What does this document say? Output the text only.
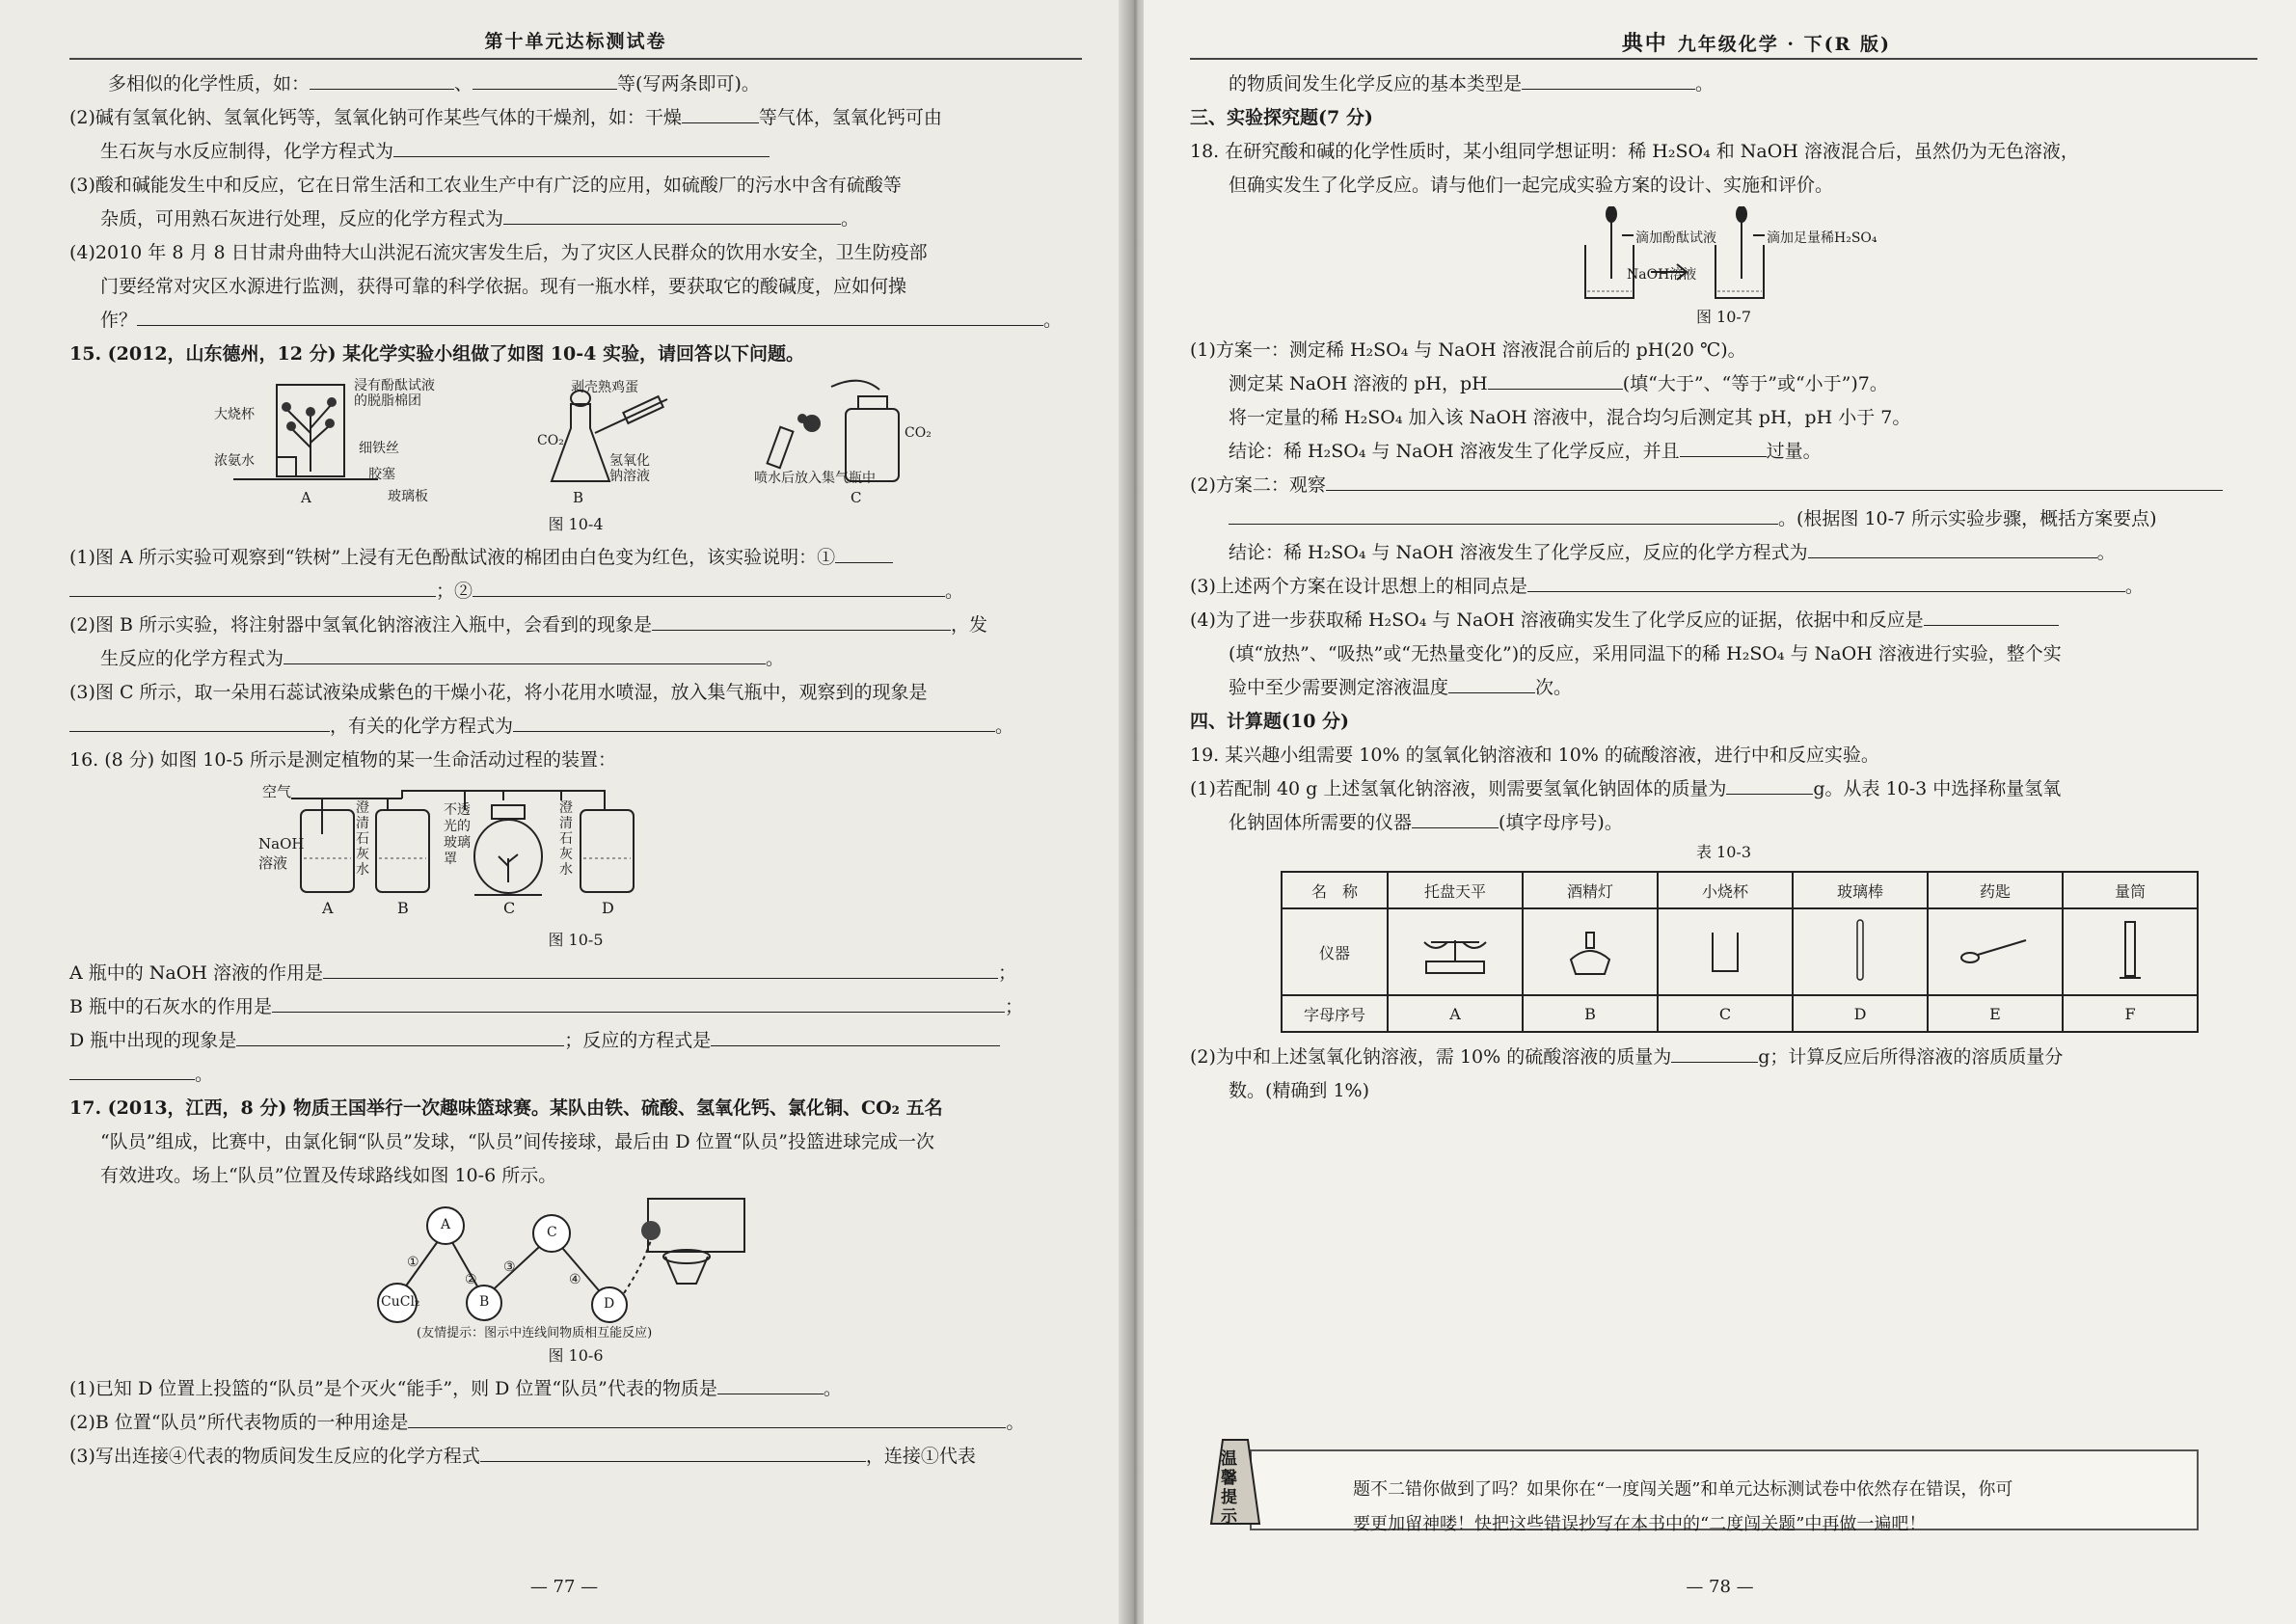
第十单元达标测试卷

多相似的化学性质，如：	、	等(写两条即可)。

(2)碱有氢氧化钠、氢氧化钙等，氢氧化钠可作某些气体的干燥剂，如：干燥	等气体，氢氧化钙可由

生石灰与水反应制得，化学方程式为

(3)酸和碱能发生中和反应，它在日常生活和工农业生产中有广泛的应用，如硫酸厂的污水中含有硫酸等

杂质，可用熟石灰进行处理，反应的化学方程式为	。

(4)2010 年 8 月 8 日甘肃舟曲特大山洪泥石流灾害发生后，为了灾区人民群众的饮用水安全，卫生防疫部

门要经常对灾区水源进行监测，获得可靠的科学依据。现有一瓶水样，要获取它的酸碱度，应如何操

作？	。

15. (2012，山东德州，12 分) 某化学实验小组做了如图 10-4 实验，请回答以下问题。

大烧杯
浸有酚酞试液
的脱脂棉团
细铁丝
浓氨水
胶塞
玻璃板
A
剥壳熟鸡蛋
CO₂
氢氧化
钠溶液
B
CO₂
喷水后放入集气瓶中
C
图 10-4

(1)图 A 所示实验可观察到“铁树”上浸有无色酚酞试液的棉团由白色变为红色，该实验说明：①

；②	。

(2)图 B 所示实验，将注射器中氢氧化钠溶液注入瓶中，会看到的现象是	，发

生反应的化学方程式为	。

(3)图 C 所示，取一朵用石蕊试液染成紫色的干燥小花，将小花用水喷湿，放入集气瓶中，观察到的现象是

，有关的化学方程式为	。

16. (8 分) 如图 10-5 所示是测定植物的某一生命活动过程的装置：

空气
NaOH
溶液
澄清石灰水
不透光的玻璃罩
澄清石灰水
A	B	C	D
图 10-5

A 瓶中的 NaOH 溶液的作用是	；

B 瓶中的石灰水的作用是	；

D 瓶中出现的现象是	；反应的方程式是

。

17. (2013，江西，8 分) 物质王国举行一次趣味篮球赛。某队由铁、硫酸、氢氧化钙、氯化铜、CO₂ 五名

“队员”组成，比赛中，由氯化铜“队员”发球，“队员”间传接球，最后由 D 位置“队员”投篮进球完成一次

有效进攻。场上“队员”位置及传球路线如图 10-6 所示。

CuCl₂
A
B
C
D
①
②
③
④
(友情提示：图示中连线间物质相互能反应)
图 10-6

(1)已知 D 位置上投篮的“队员”是个灭火“能手”，则 D 位置“队员”代表的物质是	。

(2)B 位置“队员”所代表物质的一种用途是	。

(3)写出连接④代表的物质间发生反应的化学方程式	，连接①代表

— 77 —
典中 九年级化学 · 下(R 版)

的物质间发生化学反应的基本类型是	。

三、实验探究题(7 分)

18. 在研究酸和碱的化学性质时，某小组同学想证明：稀 H₂SO₄ 和 NaOH 溶液混合后，虽然仍为无色溶液，

但确实发生了化学反应。请与他们一起完成实验方案的设计、实施和评价。

滴加酚酞试液	滴加足量稀H₂SO₄
NaOH溶液
图 10-7

(1)方案一：测定稀 H₂SO₄ 与 NaOH 溶液混合前后的 pH(20 ℃)。

测定某 NaOH 溶液的 pH，pH	(填“大于”、“等于”或“小于”)7。

将一定量的稀 H₂SO₄ 加入该 NaOH 溶液中，混合均匀后测定其 pH，pH 小于 7。

结论：稀 H₂SO₄ 与 NaOH 溶液发生了化学反应，并且	过量。

(2)方案二：观察

。(根据图 10-7 所示实验步骤，概括方案要点)

结论：稀 H₂SO₄ 与 NaOH 溶液发生了化学反应，反应的化学方程式为	。

(3)上述两个方案在设计思想上的相同点是	。

(4)为了进一步获取稀 H₂SO₄ 与 NaOH 溶液确实发生了化学反应的证据，依据中和反应是

(填“放热”、“吸热”或“无热量变化”)的反应，采用同温下的稀 H₂SO₄ 与 NaOH 溶液进行实验，整个实

验中至少需要测定溶液温度	次。

四、计算题(10 分)

19. 某兴趣小组需要 10% 的氢氧化钠溶液和 10% 的硫酸溶液，进行中和反应实验。

(1)若配制 40 g 上述氢氧化钠溶液，则需要氢氧化钠固体的质量为	g。从表 10-3 中选择称量氢氧

化钠固体所需要的仪器	(填字母序号)。

表 10-3
名　称	托盘天平	酒精灯	小烧杯	玻璃棒	药匙	量筒
仪器						
字母序号	A	B	C	D	E	F

(2)为中和上述氢氧化钠溶液，需 10% 的硫酸溶液的质量为	g；计算反应后所得溶液的溶质质量分

数。(精确到 1%)

题不二错你做到了吗？如果你在“一度闯关题”和单元达标测试卷中依然存在错误，你可
要更加留神喽！快把这些错误抄写在本书中的“二度闯关题”中再做一遍吧！
温馨提示
— 78 —
